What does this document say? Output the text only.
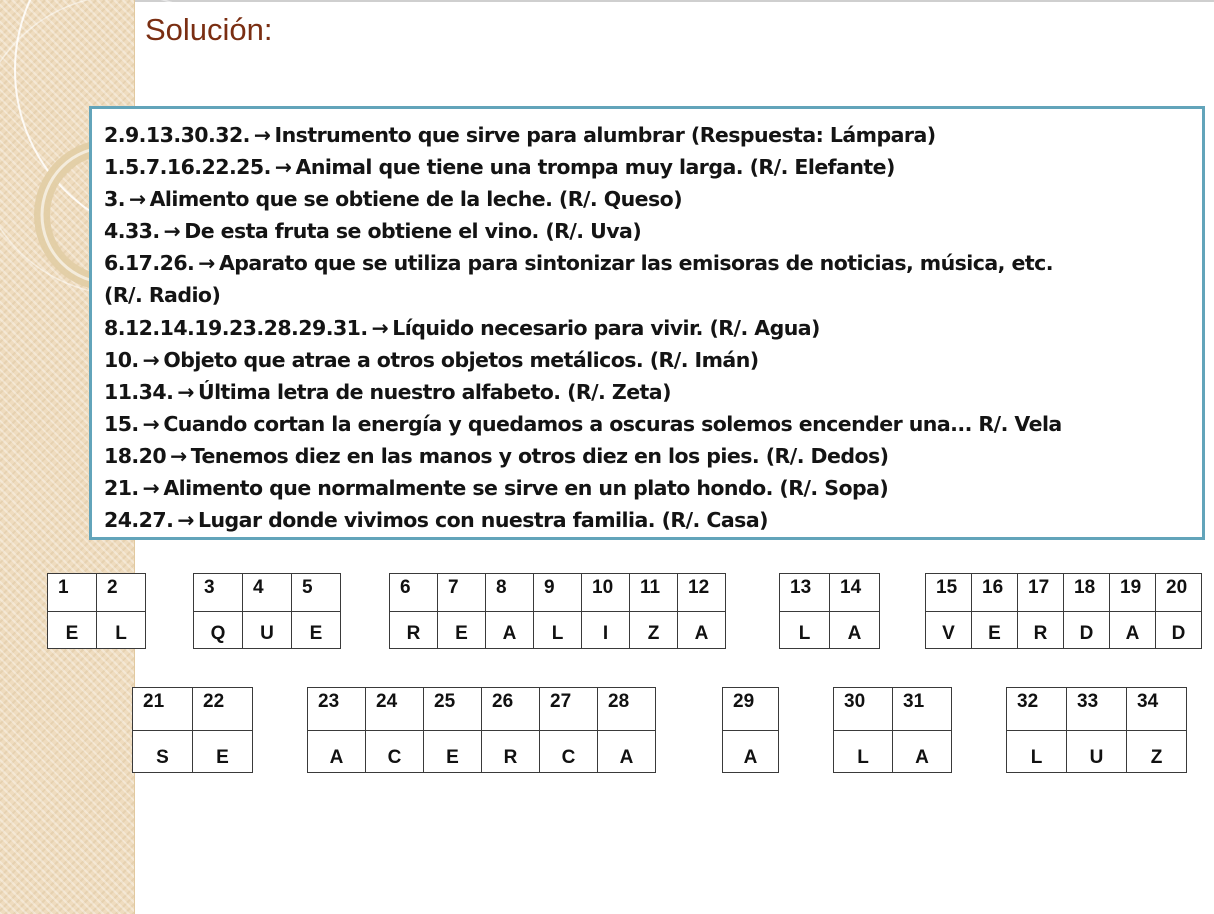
Solución:
2.9.13.30.32. → Instrumento que sirve para alumbrar (Respuesta: Lámpara)
1.5.7.16.22.25. → Animal que tiene una trompa muy larga. (R/. Elefante)
3. → Alimento que se obtiene de la leche. (R/. Queso)
4.33. → De esta fruta se obtiene el vino. (R/. Uva)
6.17.26. → Aparato que se utiliza para sintonizar las emisoras de noticias, música, etc.
(R/. Radio)
8.12.14.19.23.28.29.31. → Líquido necesario para vivir. (R/. Agua)
10. → Objeto que atrae a otros objetos metálicos. (R/. Imán)
11.34. → Última letra de nuestro alfabeto. (R/. Zeta)
15. → Cuando cortan la energía y quedamos a oscuras solemos encender una... R/. Vela
18.20 → Tenemos diez en las manos y otros diez en los pies. (R/. Dedos)
21. → Alimento que normalmente se sirve en un plato hondo. (R/. Sopa)
24.27. → Lugar donde vivimos con nuestra familia. (R/. Casa)
1
E
2
L
3
Q
4
U
5
E
6
R
7
E
8
A
9
L
10
I
11
Z
12
A
13
L
14
A
15
V
16
E
17
R
18
D
19
A
20
D
21
S
22
E
23
A
24
C
25
E
26
R
27
C
28
A
29
A
30
L
31
A
32
L
33
U
34
Z
